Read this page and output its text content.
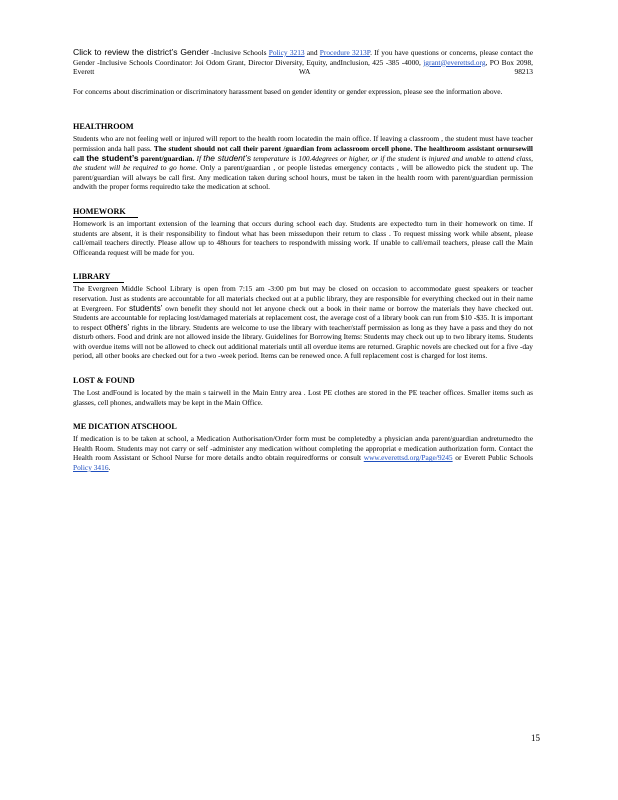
Click to review the district’s Gender -Inclusive Schools Policy 3213 and Procedure 3213P. If you have questions or concerns, please contact the Gender -Inclusive Schools Coordinator: Joi Odom Grant, Director Diversity, Equity, andInclusion, 425 -385 -4000, jgrant@everettsd.org, PO Box 2098, Everett WA 98213

For concerns about discrimination or discriminatory harassment based on gender identity or gender expression, please see the information above.

HEALTHROOM

Students who are not feeling well or injured will report to the health room locatedin the main office. If leaving a classroom , the student must have teacher permission anda hall pass. The student should not call their parent /guardian from aclassroom orcell phone. The healthroom assistant ornursewill call the student’s parent/guardian. If the student’s temperature is 100.4degrees or higher, or if the student is injured and unable to attend class, the student will be required to go home. Only a parent/guardian , or people listedas emergency contacts , will be allowedto pick the student up. The parent/guardian will always be call first. Any medication taken during school hours, must be taken in the health room with parent/guardian permission andwith the proper forms requiredto take the medication at school.

HOMEWORK

Homework is an important extension of the learning that occurs during school each day. Students are expectedto turn in their homework on time. If students are absent, it is their responsibility to findout what has been missedupon their return to class . To request missing work while absent, please call/email teachers directly. Please allow up to 48hours for teachers to respondwith missing work. If unable to call/email teachers, please call the Main Officeanda request will be made for you.

LIBRARY

The Evergreen Middle School Library is open from 7:15 am -3:00 pm but may be closed on occasion to accommodate guest speakers or teacher reservation. Just as students are accountable for all materials checked out at a public library, they are responsible for everything checked out in their name at Evergreen. For students’ own benefit they should not let anyone check out a book in their name or borrow the materials they have checked out. Students are accountable for replacing lost/damaged materials at replacement cost, the average cost of a library book can run from $10 -$35. It is important to respect others’ rights in the library. Students are welcome to use the library with teacher/staff permission as long as they have a pass and they do not disturb others. Food and drink are not allowed inside the library. Guidelines for Borrowing Items: Students may check out up to two library items. Students with overdue items will not be allowed to check out additional materials until all overdue items are returned. Graphic novels are checked out for a five -day period, all other books are checked out for a two -week period. Items can be renewed once. A full replacement cost is charged for lost items.

LOST & FOUND

The Lost andFound is located by the main s tairwell in the Main Entry area . Lost PE clothes are stored in the PE teacher offices. Smaller items such as glasses, cell phones, andwallets may be kept in the Main Office.

ME DICATION ATSCHOOL

If medication is to be taken at school, a Medication Authorisation/Order form must be completedby a physician anda parent/guardian andreturnedto the Health Room. Students may not carry or self -administer any medication without completing the appropriat e medication authorization form. Contact the Health room Assistant or School Nurse for more details andto obtain requiredforms or consult www.everettsd.org/Page/9245 or Everett Public Schools Policy 3416.

15
